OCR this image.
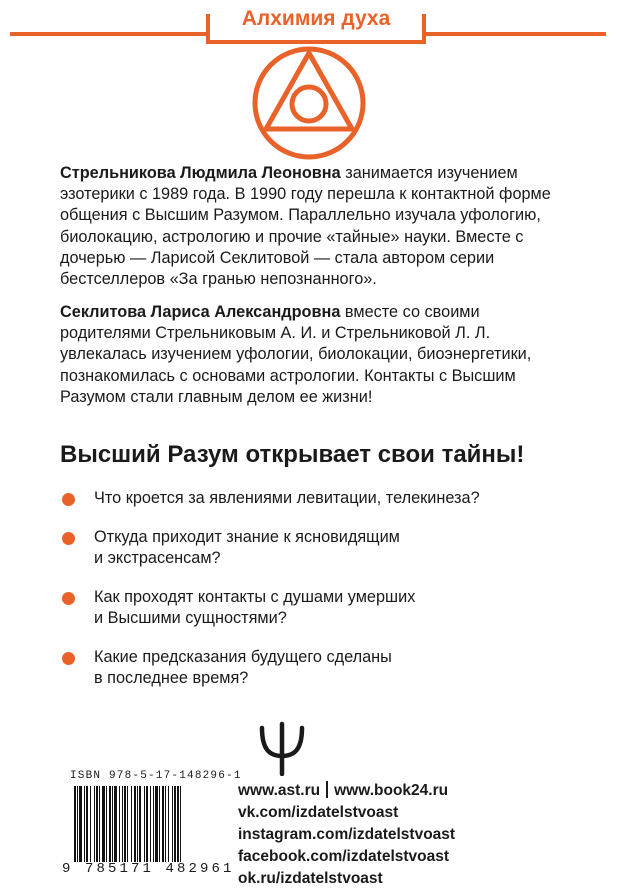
Алхимия духа

Стрельникова Людмила Леоновна занимается изучением эзотерики с 1989 года. В 1990 году перешла к контактной форме общения с Высшим Разумом. Параллельно изучала уфологию, биолокацию, астрологию и прочие «тайные» науки. Вместе с дочерью — Ларисой Секлитовой — стала автором серии бестселлеров «За гранью непознанного».

Секлитова Лариса Александровна вместе со своими родителями Стрельниковым А. И. и Стрельниковой Л. Л. увлекалась изучением уфологии, биолокации, биоэнергетики, познакомилась с основами астрологии. Контакты с Высшим Разумом стали главным делом ее жизни!

Высший Разум открывает свои тайны!
Что кроется за явлениями левитации, телекинеза?
Откуда приходит знание к ясновидящим
и экстрасенсам?
Как проходят контакты с душами умерших
и Высшими сущностями?
Какие предсказания будущего сделаны
в последнее время?
ISBN 978-5-17-148296-1
9 785171 482961
www.ast.ru www.book24.ru
vk.com/izdatelstvoast
instagram.com/izdatelstvoast
facebook.com/izdatelstvoast
ok.ru/izdatelstvoast
